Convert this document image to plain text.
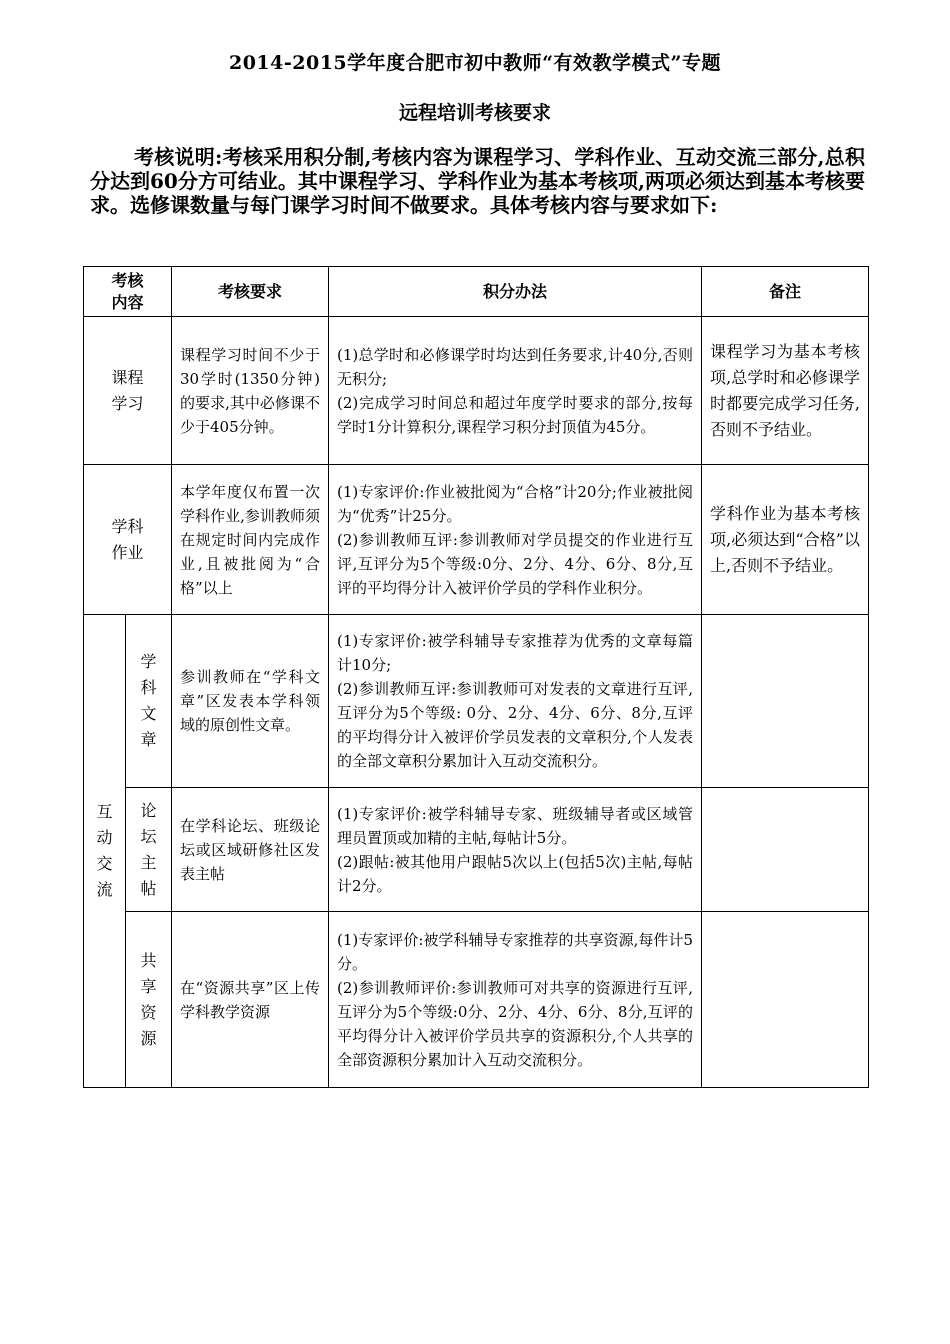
2014-2015学年度合肥市初中教师“有效教学模式”专题
远程培训考核要求

考核说明:考核采用积分制,考核内容为课程学习、学科作业、互动交流三部分,总积分达到60分方可结业。其中课程学习、学科作业为基本考核项,两项必须达到基本考核要求。选修课数量与每门课学习时间不做要求。具体考核内容与要求如下:

考核内容		考核要求	积分办法	备注
课程学习		课程学习时间不少于30学时(1350分钟)的要求,其中必修课不少于405分钟。	(1)总学时和必修课学时均达到任务要求,计40分,否则无积分;
(2)完成学习时间总和超过年度学时要求的部分,按每学时1分计算积分,课程学习积分封顶值为45分。	课程学习为基本考核项,总学时和必修课学时都要完成学习任务,否则不予结业。
学科作业		本学年度仅布置一次学科作业,参训教师须在规定时间内完成作业,且被批阅为“合格”以上	(1)专家评价:作业被批阅为“合格”计20分;作业被批阅为“优秀”计25分。
(2)参训教师互评:参训教师对学员提交的作业进行互评,互评分为5个等级:0分、2分、4分、6分、8分,互评的平均得分计入被评价学员的学科作业积分。	学科作业为基本考核项,必须达到“合格”以上,否则不予结业。
互动交流	学科文章	参训教师在“学科文章”区发表本学科领域的原创性文章。	(1)专家评价:被学科辅导专家推荐为优秀的文章每篇计10分;
(2)参训教师互评:参训教师可对发表的文章进行互评,互评分为5个等级: 0分、2分、4分、6分、8分,互评的平均得分计入被评价学员发表的文章积分,个人发表的全部文章积分累加计入互动交流积分。	
	论坛主帖	在学科论坛、班级论坛或区域研修社区发表主帖	(1)专家评价:被学科辅导专家、班级辅导者或区域管理员置顶或加精的主帖,每帖计5分。
(2)跟帖:被其他用户跟帖5次以上(包括5次)主帖,每帖计2分。	
	共享资源	在“资源共享”区上传学科教学资源	(1)专家评价:被学科辅导专家推荐的共享资源,每件计5分。
(2)参训教师评价:参训教师可对共享的资源进行互评,互评分为5个等级:0分、2分、4分、6分、8分,互评的平均得分计入被评价学员共享的资源积分,个人共享的全部资源积分累加计入互动交流积分。	
